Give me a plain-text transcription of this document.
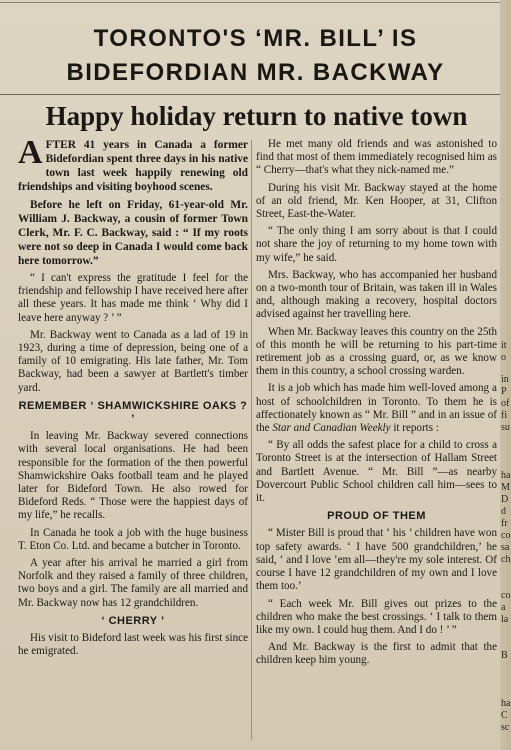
TORONTO'S ‘MR. BILL’ IS
BIDEFORDIAN MR. BACKWAY
Happy holiday return to native town

AFTER 41 years in Canada a former Bidefordian spent three days in his native town last week happily renewing old friendships and visiting boyhood scenes.

Before he left on Friday, 61-year-old Mr. William J. Backway, a cousin of former Town Clerk, Mr. F. C. Backway, said : “ If my roots were not so deep in Canada I would come back here tomorrow.”

“ I can't express the gratitude I feel for the friendship and fellowship I have received here after all these years. It has made me think ‘ Why did I leave here anyway ? ’ ”

Mr. Backway went to Canada as a lad of 19 in 1923, during a time of depression, being one of a family of 10 emigrating. His late father, Mr. Tom Backway, had been a sawyer at Bartlett's timber yard.

REMEMBER ‘ SHAMWICKSHIRE OAKS ? ’

In leaving Mr. Backway severed connections with several local organisations. He had been responsible for the formation of the then powerful Shamwickshire Oaks football team and he played later for Bideford Town. He also rowed for Bideford Reds. “ Those were the happiest days of my life,” he recalls.

In Canada he took a job with the huge business T. Eton Co. Ltd. and became a butcher in Toronto.

A year after his arrival he married a girl from Norfolk and they raised a family of three children, two boys and a girl. The family are all married and Mr. Backway now has 12 grandchildren.

‘ CHERRY ’

His visit to Bideford last week was his first since he emigrated.

He met many old friends and was astonished to find that most of them immediately recognised him as “ Cherry—that's what they nick-named me.”

During his visit Mr. Backway stayed at the home of an old friend, Mr. Ken Hooper, at 31, Clifton Street, East-the-Water.

“ The only thing I am sorry about is that I could not share the joy of returning to my home town with my wife,” he said.

Mrs. Backway, who has accompanied her husband on a two-month tour of Britain, was taken ill in Wales and, although making a recovery, hospital doctors advised against her travelling here.

When Mr. Backway leaves this country on the 25th of this month he will be returning to his part-time retirement job as a crossing guard, or, as we know them in this country, a school crossing warden.

It is a job which has made him well-loved among a host of schoolchildren in Toronto. To them he is affectionately known as “ Mr. Bill ” and in an issue of the Star and Canadian Weekly it reports :

“ By all odds the safest place for a child to cross a Toronto Street is at the intersection of Hallam Street and Bartlett Avenue. “ Mr. Bill ”—as nearby Dovercourt Public School children call him—sees to it.

PROUD OF THEM

“ Mister Bill is proud that ‘ his ’ children have won top safety awards. ‘ I have 500 grandchildren,’ he said, ‘ and I love ’em all—they're my sole interest. Of course I have 12 grandchildren of my own and I love them too.’

“ Each week Mr. Bill gives out prizes to the children who make the best crossings. ‘ I talk to them like my own. I could hug them. And I do ! ’ ”

And Mr. Backway is the first to admit that the children keep him young.

it
o
in
P
of
fi
su
ha
M
D
d
fr
co
sa
ch
co
a
la
B
ha
C
sc
